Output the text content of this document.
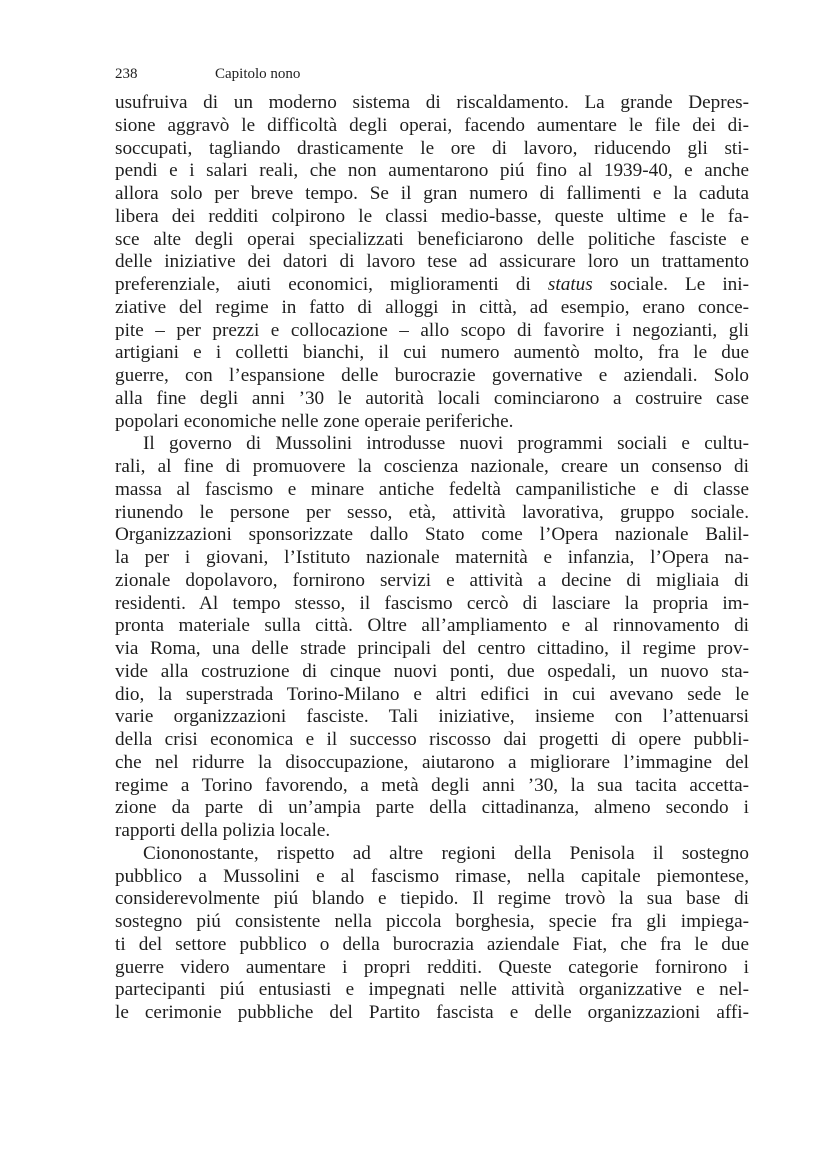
238	Capitolo nono
usufruiva di un moderno sistema di riscaldamento. La grande Depres-
sione aggravò le difficoltà degli operai, facendo aumentare le file dei di-
soccupati, tagliando drasticamente le ore di lavoro, riducendo gli sti-
pendi e i salari reali, che non aumentarono piú fino al 1939-40, e anche
allora solo per breve tempo. Se il gran numero di fallimenti e la caduta
libera dei redditi colpirono le classi medio-basse, queste ultime e le fa-
sce alte degli operai specializzati beneficiarono delle politiche fasciste e
delle iniziative dei datori di lavoro tese ad assicurare loro un trattamento
preferenziale, aiuti economici, miglioramenti di status sociale. Le ini-
ziative del regime in fatto di alloggi in città, ad esempio, erano conce-
pite – per prezzi e collocazione – allo scopo di favorire i negozianti, gli
artigiani e i colletti bianchi, il cui numero aumentò molto, fra le due
guerre, con l’espansione delle burocrazie governative e aziendali. Solo
alla fine degli anni ’30 le autorità locali cominciarono a costruire case
popolari economiche nelle zone operaie periferiche.
Il governo di Mussolini introdusse nuovi programmi sociali e cultu-
rali, al fine di promuovere la coscienza nazionale, creare un consenso di
massa al fascismo e minare antiche fedeltà campanilistiche e di classe
riunendo le persone per sesso, età, attività lavorativa, gruppo sociale.
Organizzazioni sponsorizzate dallo Stato come l’Opera nazionale Balil-
la per i giovani, l’Istituto nazionale maternità e infanzia, l’Opera na-
zionale dopolavoro, fornirono servizi e attività a decine di migliaia di
residenti. Al tempo stesso, il fascismo cercò di lasciare la propria im-
pronta materiale sulla città. Oltre all’ampliamento e al rinnovamento di
via Roma, una delle strade principali del centro cittadino, il regime prov-
vide alla costruzione di cinque nuovi ponti, due ospedali, un nuovo sta-
dio, la superstrada Torino-Milano e altri edifici in cui avevano sede le
varie organizzazioni fasciste. Tali iniziative, insieme con l’attenuarsi
della crisi economica e il successo riscosso dai progetti di opere pubbli-
che nel ridurre la disoccupazione, aiutarono a migliorare l’immagine del
regime a Torino favorendo, a metà degli anni ’30, la sua tacita accetta-
zione da parte di un’ampia parte della cittadinanza, almeno secondo i
rapporti della polizia locale.
Ciononostante, rispetto ad altre regioni della Penisola il sostegno
pubblico a Mussolini e al fascismo rimase, nella capitale piemontese,
considerevolmente piú blando e tiepido. Il regime trovò la sua base di
sostegno piú consistente nella piccola borghesia, specie fra gli impiega-
ti del settore pubblico o della burocrazia aziendale Fiat, che fra le due
guerre videro aumentare i propri redditi. Queste categorie fornirono i
partecipanti piú entusiasti e impegnati nelle attività organizzative e nel-
le cerimonie pubbliche del Partito fascista e delle organizzazioni affi-
